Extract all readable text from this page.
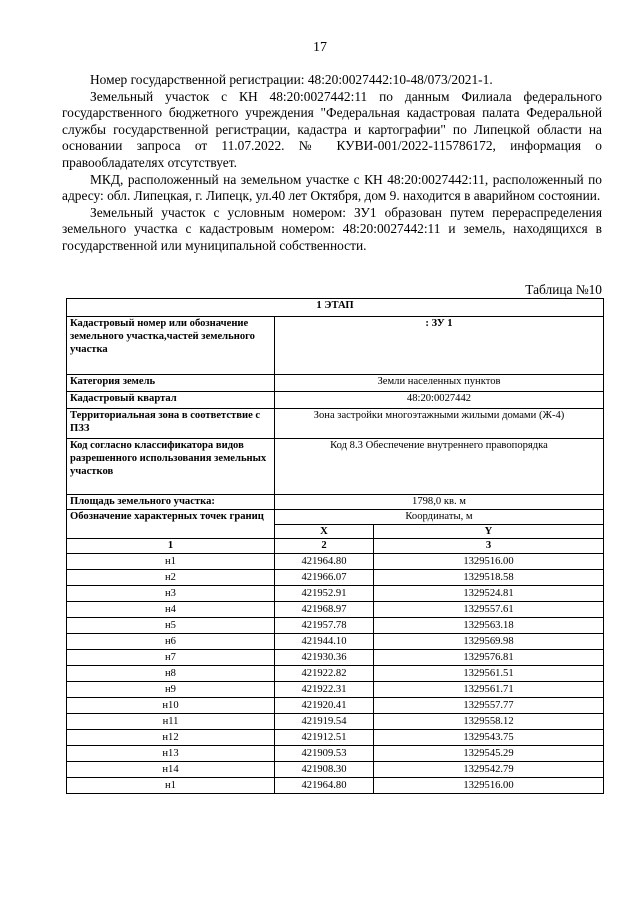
17

Номер государственной регистрации: 48:20:0027442:10-48/073/2021-1.

Земельный участок с КН 48:20:0027442:11 по данным Филиала федерального государственного бюджетного учреждения "Федеральная кадастровая палата Федеральной службы государственной регистрации, кадастра и картографии" по Липецкой области на основании запроса от 11.07.2022. № КУВИ-001/2022-115786172, информация о правообладателях отсутствует.

МКД, расположенный на земельном участке с КН 48:20:0027442:11, расположенный по адресу: обл. Липецкая, г. Липецк, ул.40 лет Октября, дом 9. находится в аварийном состоянии.

Земельный участок с условным номером: ЗУ1 образован путем перераспределения земельного участка с кадастровым номером: 48:20:0027442:11 и земель, находящихся в государственной или муниципальной собственности.

Таблица №10
1 ЭТАП		
Кадастровый номер или обозначение земельного участка,частей земельного участка	: ЗУ 1	
Категория земель	Земли населенных пунктов	
Кадастровый квартал	48:20:0027442	
Территориальная зона в соответствие с ПЗЗ	Зона застройки многоэтажными жилыми домами (Ж-4)	
Код согласно классификатора видов разрешенного использования земельных участков	Код 8.3 Обеспечение внутреннего правопорядка	
Площадь земельного участка:	1798,0 кв. м	
Обозначение характерных точек границ	Координаты, м	
	X	Y
1	2	3
н1	421964.80	1329516.00
н2	421966.07	1329518.58
н3	421952.91	1329524.81
н4	421968.97	1329557.61
н5	421957.78	1329563.18
н6	421944.10	1329569.98
н7	421930.36	1329576.81
н8	421922.82	1329561.51
н9	421922.31	1329561.71
н10	421920.41	1329557.77
н11	421919.54	1329558.12
н12	421912.51	1329543.75
н13	421909.53	1329545.29
н14	421908.30	1329542.79
н1	421964.80	1329516.00
